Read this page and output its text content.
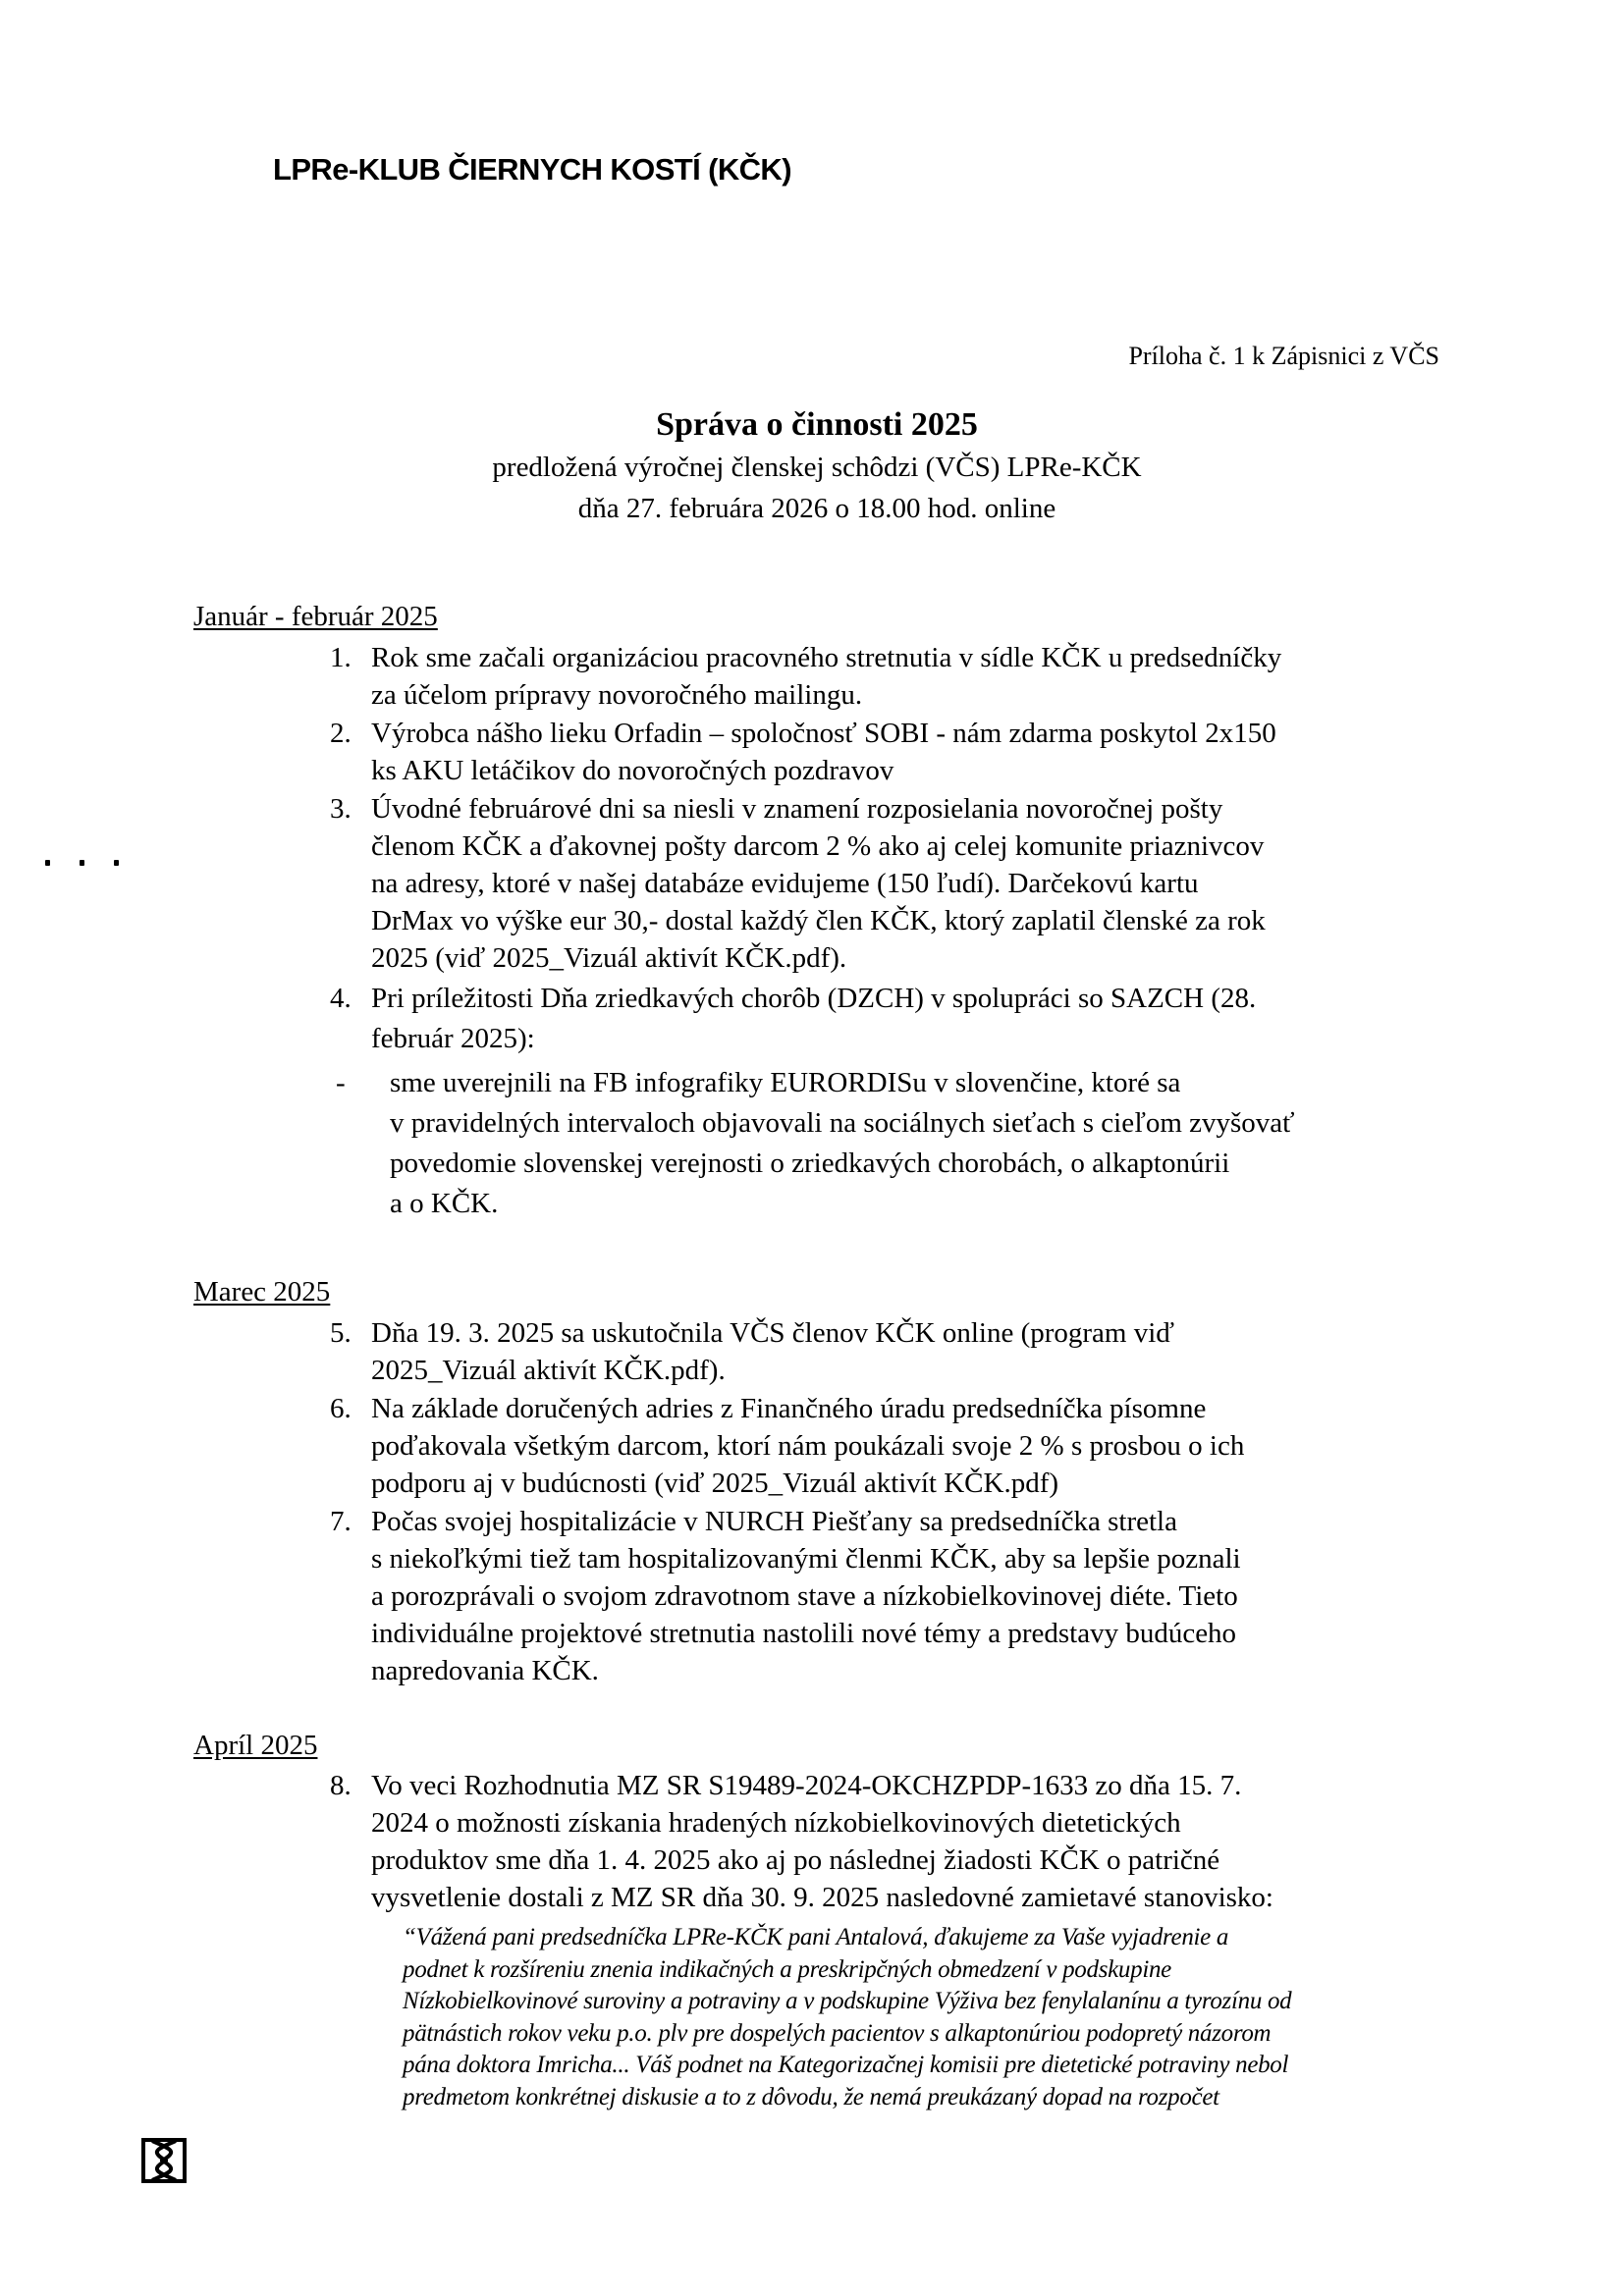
LPRe-KLUB ČIERNYCH KOSTÍ (KČK)
Príloha č. 1 k Zápisnici z VČS
Správa o činnosti 2025
predložená výročnej členskej schôdzi (VČS) LPRe-KČK
dňa 27. februára 2026 o 18.00 hod. online
Január - február 2025
1. Rok sme začali organizáciou pracovného stretnutia v sídle KČK u predsedníčky
za účelom prípravy novoročného mailingu.
2. Výrobca nášho lieku Orfadin – spoločnosť SOBI - nám zdarma poskytol 2x150
ks AKU letáčikov do novoročných pozdravov
3. Úvodné februárové dni sa niesli v znamení rozposielania novoročnej pošty
členom KČK a ďakovnej pošty darcom 2 % ako aj celej komunite priaznivcov
na adresy, ktoré v našej databáze evidujeme (150 ľudí). Darčekovú kartu
DrMax vo výške eur 30,- dostal každý člen KČK, ktorý zaplatil členské za rok
2025 (viď 2025_Vizuál aktivít KČK.pdf).
4. Pri príležitosti Dňa zriedkavých chorôb (DZCH) v spolupráci so SAZCH (28.
február 2025):
- sme uverejnili na FB infografiky EURORDISu v slovenčine, ktoré sa
v pravidelných intervaloch objavovali na sociálnych sieťach s cieľom zvyšovať
povedomie slovenskej verejnosti o zriedkavých chorobách, o alkaptonúrii
a o KČK.
Marec 2025
5. Dňa 19. 3. 2025 sa uskutočnila VČS členov KČK online (program viď
2025_Vizuál aktivít KČK.pdf).
6. Na základe doručených adries z Finančného úradu predsedníčka písomne
poďakovala všetkým darcom, ktorí nám poukázali svoje 2 % s prosbou o ich
podporu aj v budúcnosti (viď 2025_Vizuál aktivít KČK.pdf)
7. Počas svojej hospitalizácie v NURCH Piešťany sa predsedníčka stretla
s niekoľkými tiež tam hospitalizovanými členmi KČK, aby sa lepšie poznali
a porozprávali o svojom zdravotnom stave a nízkobielkovinovej diéte. Tieto
individuálne projektové stretnutia nastolili nové témy a predstavy budúceho
napredovania KČK.
Apríl 2025
8. Vo veci Rozhodnutia MZ SR S19489-2024-OKCHZPDP-1633 zo dňa 15. 7.
2024 o možnosti získania hradených nízkobielkovinových dietetických
produktov sme dňa 1. 4. 2025 ako aj po následnej žiadosti KČK o patričné
vysvetlenie dostali z MZ SR dňa 30. 9. 2025 nasledovné zamietavé stanovisko:
“Vážená pani predsedníčka LPRe-KČK pani Antalová, ďakujeme za Vaše vyjadrenie a
podnet k rozšíreniu znenia indikačných a preskripčných obmedzení v podskupine
Nízkobielkovinové suroviny a potraviny a v podskupine Výživa bez fenylalanínu a tyrozínu od
pätnástich rokov veku p.o. plv pre dospelých pacientov s alkaptonúriou podopretý názorom
pána doktora Imricha... Váš podnet na Kategorizačnej komisii pre dietetické potraviny nebol
predmetom konkrétnej diskusie a to z dôvodu, že nemá preukázaný dopad na rozpočet
